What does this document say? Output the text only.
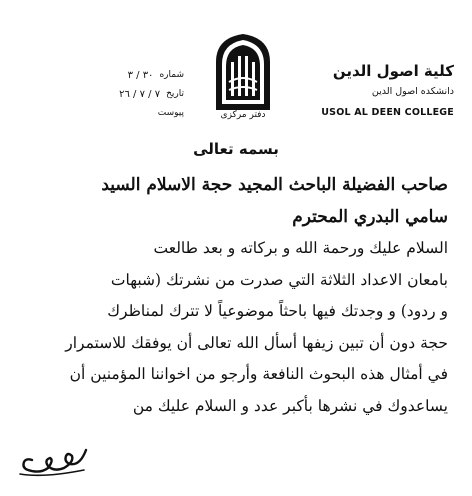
كلية اصول الدين
دانشكده اصول الدين
USOL AL DEEN COLLEGE
دفتر مركزى
شماره
٣٠ / ٣
تاريخ
٧ / ٧ / ٢٦
پيوست
بسمه تعالى
صاحب الفضيلة الباحث المجيد حجة الاسلام السيد
سامي البدري المحترم
السلام عليك ورحمة الله و بركاته و بعد طالعت
بامعان الاعداد الثلاثة التي صدرت من نشرتك (شبهات
و ردود) و وجدتك فيها باحثاً موضوعياً لا تترك لمناظرك
حجة دون أن تبين زيفها أسأل الله تعالى أن يوفقك للاستمرار
في أمثال هذه البحوث النافعة وأرجو من اخواننا المؤمنين أن
يساعدوك في نشرها بأكبر عدد و السلام عليك من
